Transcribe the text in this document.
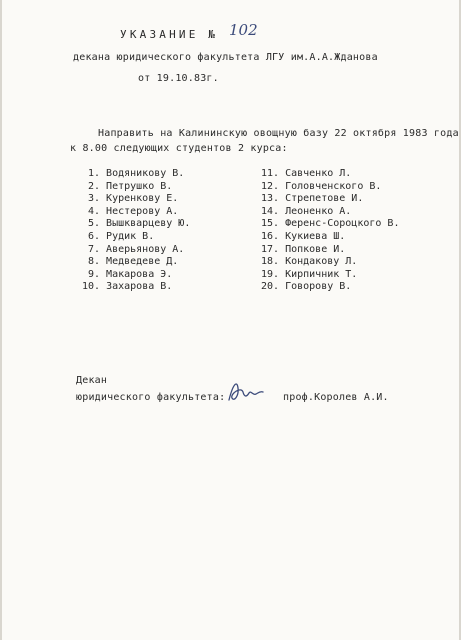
УКАЗАНИЕ № 102
декана юридического факультета ЛГУ им.А.А.Жданова
от 19.10.83г.
Направить на Калининскую овощную базу 22 октября 1983 года
к 8.00 следующих студентов 2 курса:
1. Водяникову В.
2. Петрушко В.
3. Куренкову Е.
4. Нестерову А.
5. Вышкварцеву Ю.
6. Рудик В.
7. Аверьянову А.
8. Медведеве Д.
9. Макарова Э.
10. Захарова В.
11. Савченко Л.
12. Головченского В.
13. Стрепетове И.
14. Леоненко А.
15. Ференс-Сороцкого В.
16. Кукиева Ш.
17. Попкове И.
18. Кондакову Л.
19. Кирпичник Т.
20. Говорову В.
Декан
юридического факультета:	проф.Королев А.И.
